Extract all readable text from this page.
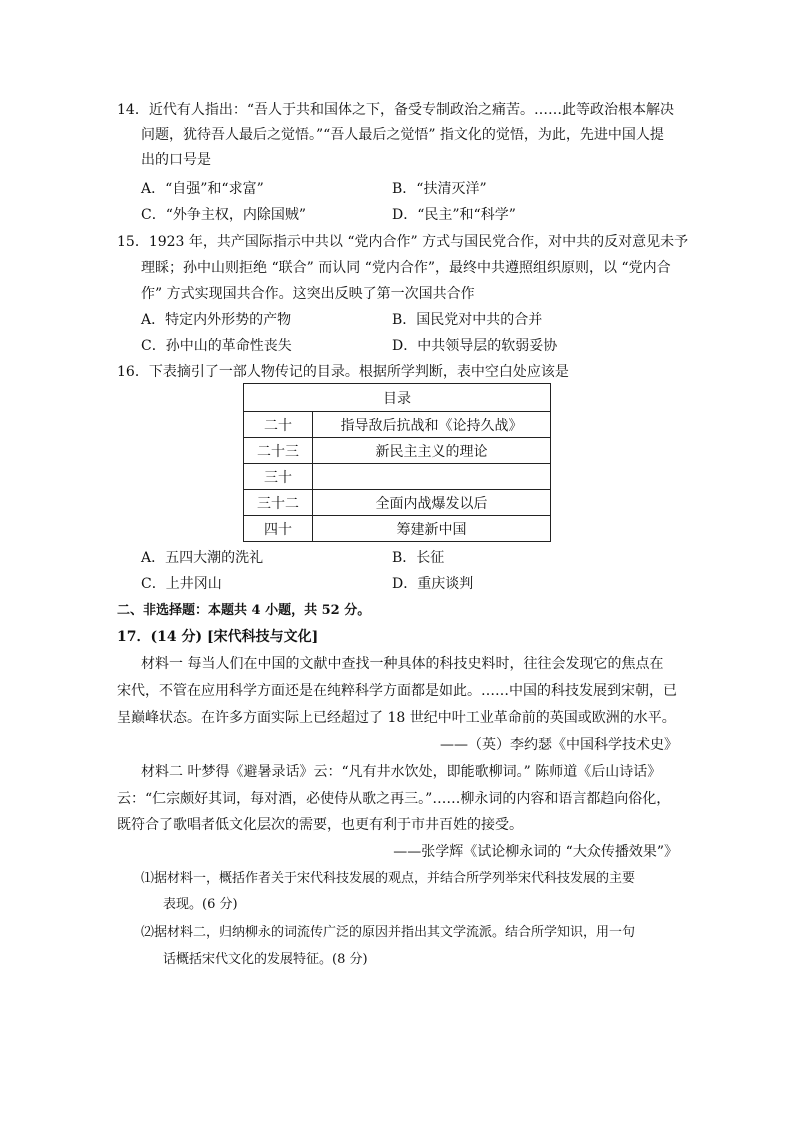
14．近代有人指出：“吾人于共和国体之下，备受专制政治之痛苦。……此等政治根本解决
问题，犹待吾人最后之觉悟。”“吾人最后之觉悟” 指文化的觉悟，为此，先进中国人提
出的口号是
A．“自强”和“求富”	B．“扶清灭洋”
C．“外争主权，内除国贼”	D．“民主”和“科学”
15．1923 年，共产国际指示中共以 “党内合作” 方式与国民党合作，对中共的反对意见未予
理睬；孙中山则拒绝 “联合” 而认同 “党内合作”，最终中共遵照组织原则，以 “党内合
作” 方式实现国共合作。这突出反映了第一次国共合作
A．特定内外形势的产物	B．国民党对中共的合并
C．孙中山的革命性丧失	D．中共领导层的软弱妥协
16．下表摘引了一部人物传记的目录。根据所学判断，表中空白处应该是
目录	
二十	指导敌后抗战和《论持久战》
二十三	新民主主义的理论
三十	
三十二	全面内战爆发以后
四十	筹建新中国
A．五四大潮的洗礼	B．长征
C．上井冈山	D．重庆谈判
二、非选择题：本题共 4 小题，共 52 分。
17．(14 分) [宋代科技与文化]
材料一 每当人们在中国的文献中查找一种具体的科技史料时，往往会发现它的焦点在
宋代，不管在应用科学方面还是在纯粹科学方面都是如此。……中国的科技发展到宋朝，已
呈巅峰状态。在许多方面实际上已经超过了 18 世纪中叶工业革命前的英国或欧洲的水平。
——（英）李约瑟《中国科学技术史》
材料二 叶梦得《避暑录话》云：“凡有井水饮处，即能歌柳词。” 陈师道《后山诗话》
云：“仁宗颇好其词，每对酒，必使侍从歌之再三。”……柳永词的内容和语言都趋向俗化，
既符合了歌唱者低文化层次的需要，也更有利于市井百姓的接受。
——张学辉《试论柳永词的 “大众传播效果”》
⑴据材料一，概括作者关于宋代科技发展的观点，并结合所学列举宋代科技发展的主要
表现。(6 分)
⑵据材料二，归纳柳永的词流传广泛的原因并指出其文学流派。结合所学知识，用一句
话概括宋代文化的发展特征。(8 分)
